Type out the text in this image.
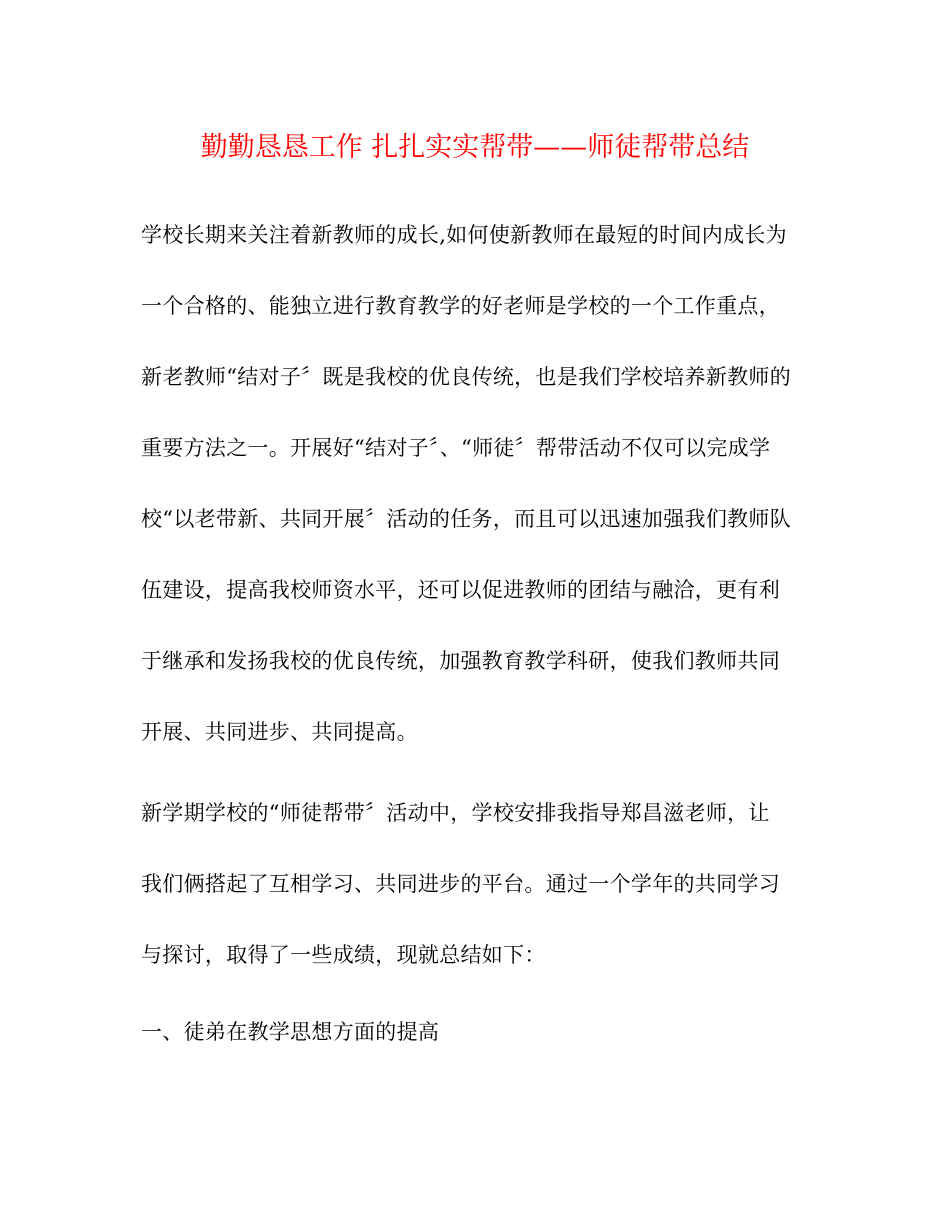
勤勤恳恳工作 扎扎实实帮带——师徒帮带总结
学校长期来关注着新教师的成长,如何使新教师在最短的时间内成长为
一个合格的、能独立进行教育教学的好老师是学校的一个工作重点，
新老教师“结对子〞既是我校的优良传统，也是我们学校培养新教师的
重要方法之一。开展好“结对子〞、“师徒〞帮带活动不仅可以完成学
校“以老带新、共同开展〞活动的任务，而且可以迅速加强我们教师队
伍建设，提高我校师资水平，还可以促进教师的团结与融洽，更有利
于继承和发扬我校的优良传统，加强教育教学科研，使我们教师共同
开展、共同进步、共同提高。
新学期学校的“师徒帮带〞活动中，学校安排我指导郑昌滋老师，让
我们俩搭起了互相学习、共同进步的平台。通过一个学年的共同学习
与探讨，取得了一些成绩，现就总结如下：
一、徒弟在教学思想方面的提高
